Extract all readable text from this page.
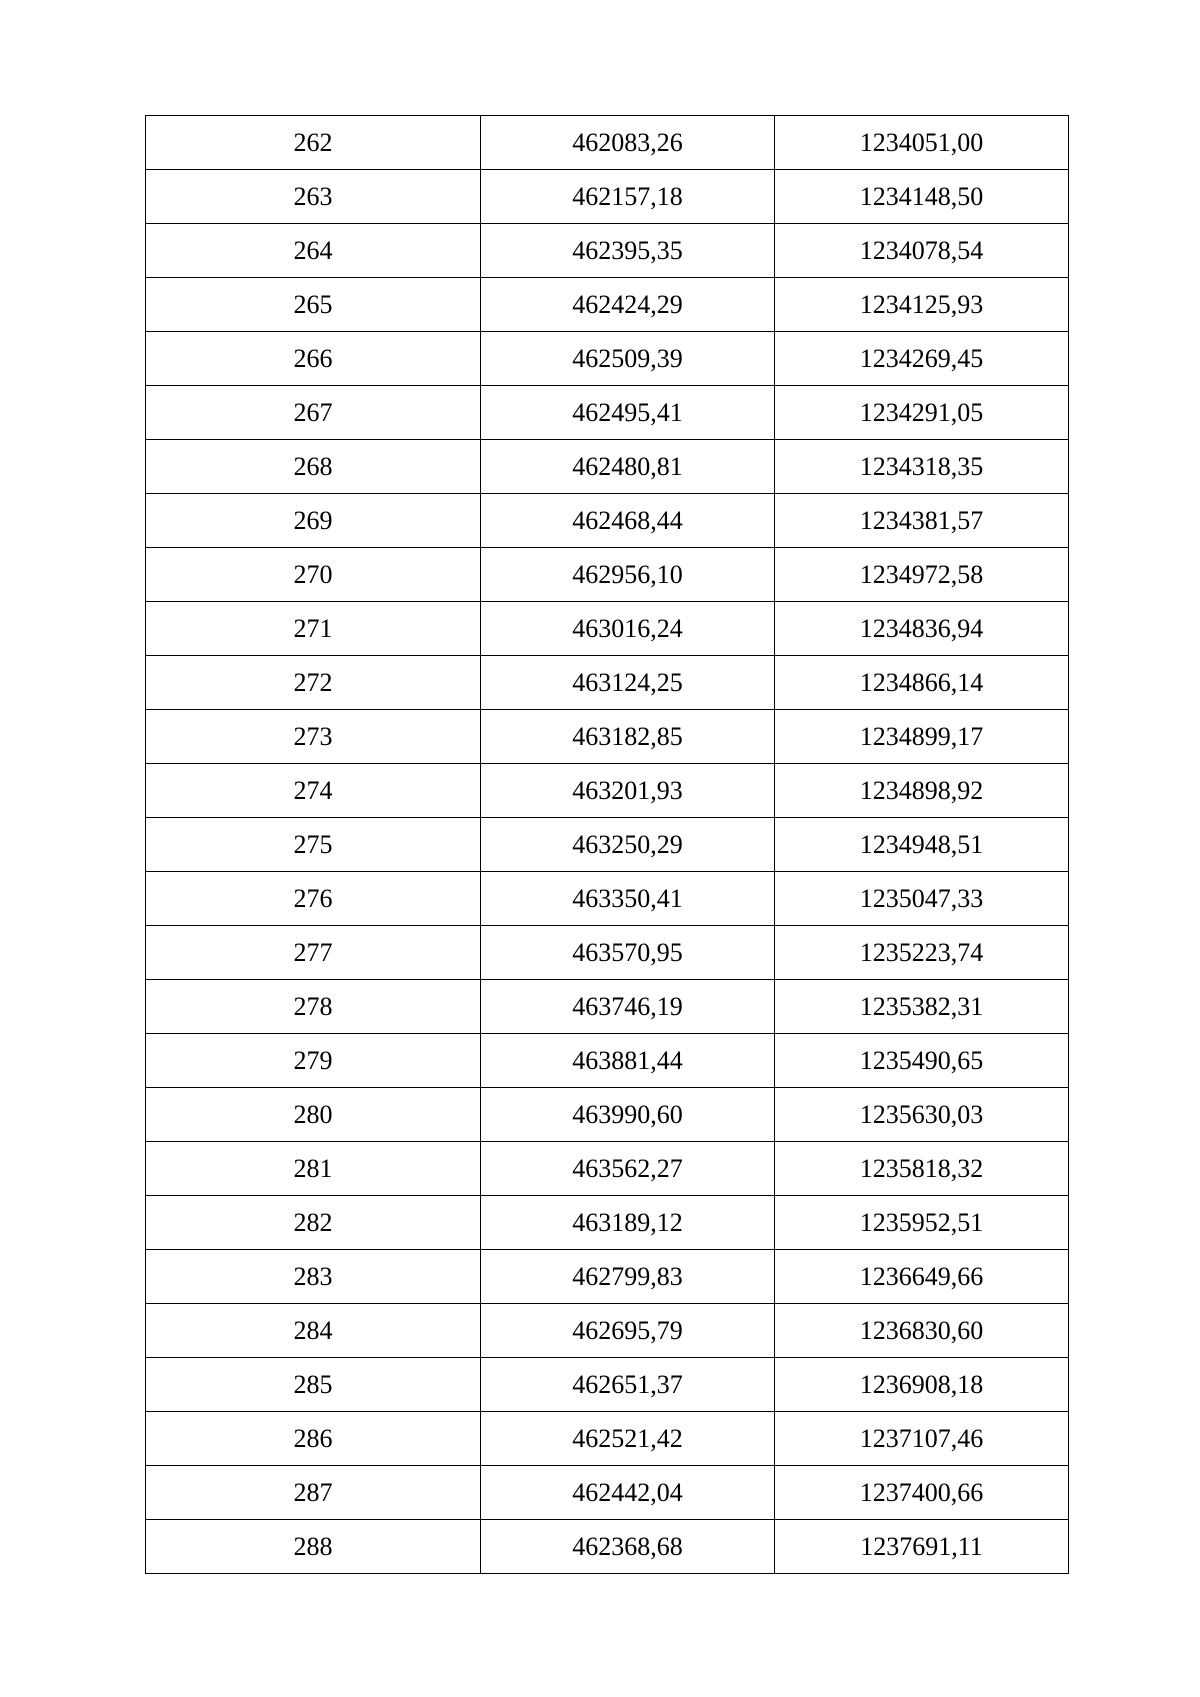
262	462083,26	1234051,00
263	462157,18	1234148,50
264	462395,35	1234078,54
265	462424,29	1234125,93
266	462509,39	1234269,45
267	462495,41	1234291,05
268	462480,81	1234318,35
269	462468,44	1234381,57
270	462956,10	1234972,58
271	463016,24	1234836,94
272	463124,25	1234866,14
273	463182,85	1234899,17
274	463201,93	1234898,92
275	463250,29	1234948,51
276	463350,41	1235047,33
277	463570,95	1235223,74
278	463746,19	1235382,31
279	463881,44	1235490,65
280	463990,60	1235630,03
281	463562,27	1235818,32
282	463189,12	1235952,51
283	462799,83	1236649,66
284	462695,79	1236830,60
285	462651,37	1236908,18
286	462521,42	1237107,46
287	462442,04	1237400,66
288	462368,68	1237691,11
